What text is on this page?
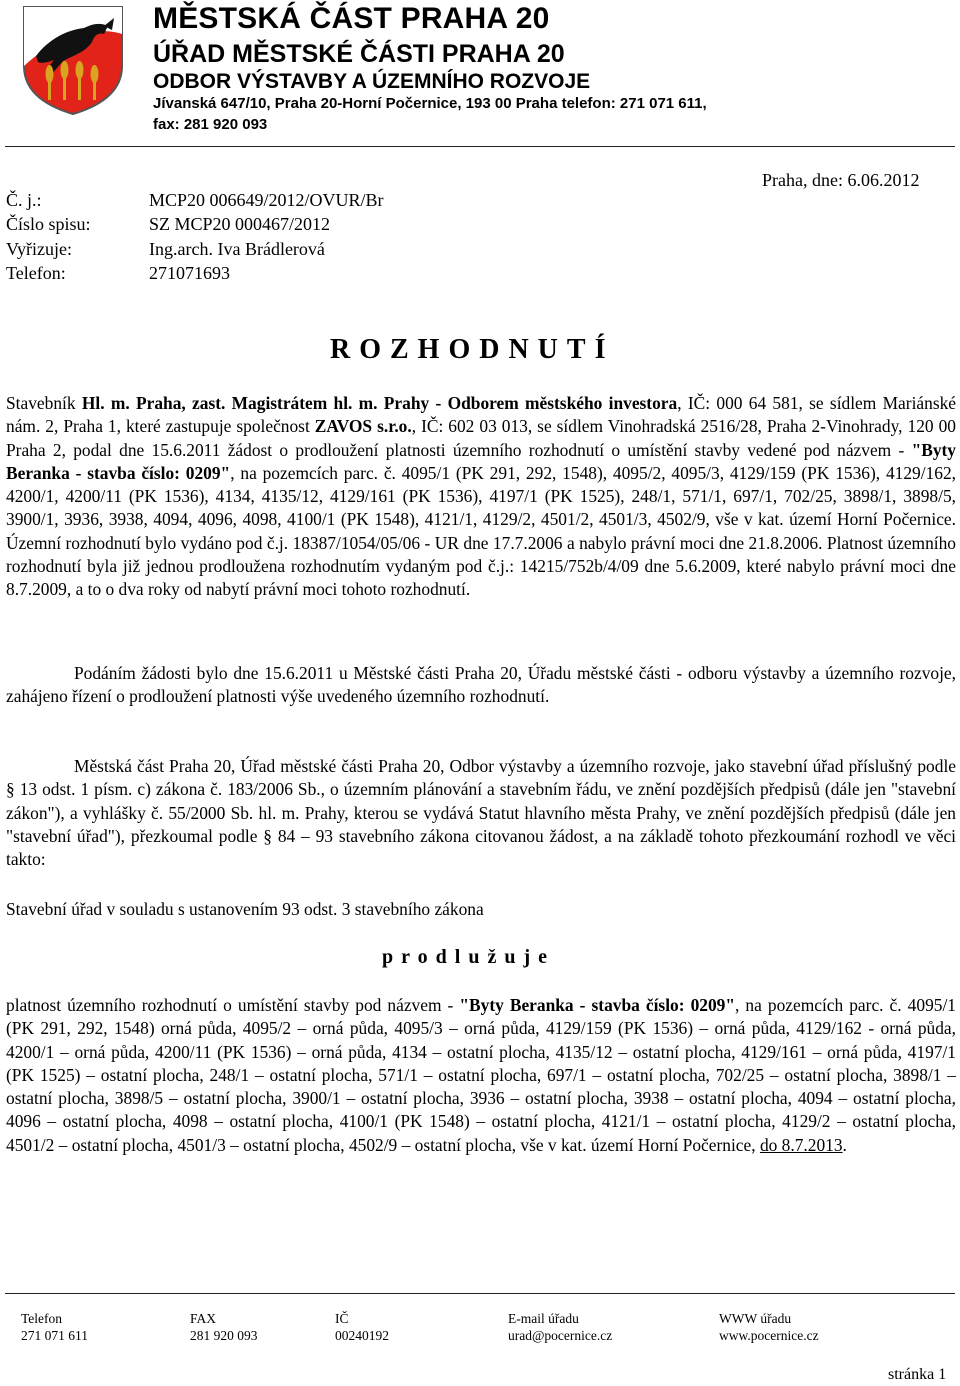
MĚSTSKÁ ČÁST PRAHA 20
ÚŘAD MĚSTSKÉ ČÁSTI PRAHA 20
ODBOR VÝSTAVBY A ÚZEMNÍHO ROZVOJE
Jívanská 647/10, Praha 20-Horní Počernice, 193 00 Praha telefon: 271 071 611,
fax: 281 920 093
Praha, dne: 6.06.2012
Č. j.:	MCP20 006649/2012/OVUR/Br
Číslo spisu:	SZ MCP20 000467/2012
Vyřizuje:	Ing.arch. Iva Brádlerová
Telefon:	271071693
ROZHODNUTÍ

Stavebník Hl. m. Praha, zast. Magistrátem hl. m. Prahy - Odborem městského investora, IČ: 000 64 581, se sídlem Mariánské nám. 2, Praha 1, které zastupuje společnost ZAVOS s.r.o., IČ: 602 03 013, se sídlem Vinohradská 2516/28, Praha 2-Vinohrady, 120 00 Praha 2, podal dne 15.6.2011 žádost o prodloužení platnosti územního rozhodnutí o umístění stavby vedené pod názvem - "Byty Beranka - stavba číslo: 0209", na pozemcích parc. č. 4095/1 (PK 291, 292, 1548), 4095/2, 4095/3, 4129/159 (PK 1536), 4129/162, 4200/1, 4200/11 (PK 1536), 4134, 4135/12, 4129/161 (PK 1536), 4197/1 (PK 1525), 248/1, 571/1, 697/1, 702/25, 3898/1, 3898/5, 3900/1, 3936, 3938, 4094, 4096, 4098, 4100/1 (PK 1548), 4121/1, 4129/2, 4501/2, 4501/3, 4502/9, vše v kat. území Horní Počernice. Územní rozhodnutí bylo vydáno pod č.j. 18387/1054/05/06 - UR dne 17.7.2006 a nabylo právní moci dne 21.8.2006. Platnost územního rozhodnutí byla již jednou prodloužena rozhodnutím vydaným pod č.j.: 14215/752b/4/09 dne 5.6.2009, které nabylo právní moci dne 8.7.2009, a to o dva roky od nabytí právní moci tohoto rozhodnutí.

Podáním žádosti bylo dne 15.6.2011 u Městské části Praha 20, Úřadu městské části - odboru výstavby a územního rozvoje, zahájeno řízení o prodloužení platnosti výše uvedeného územního rozhodnutí.

Městská část Praha 20, Úřad městské části Praha 20, Odbor výstavby a územního rozvoje, jako stavební úřad příslušný podle § 13 odst. 1 písm. c) zákona č. 183/2006 Sb., o územním plánování a stavebním řádu, ve znění pozdějších předpisů (dále jen "stavební zákon"), a vyhlášky č. 55/2000 Sb. hl. m. Prahy, kterou se vydává Statut hlavního města Prahy, ve znění pozdějších předpisů (dále jen "stavební úřad"), přezkoumal podle § 84 – 93 stavebního zákona citovanou žádost, a na základě tohoto přezkoumání rozhodl ve věci takto:

Stavební úřad v souladu s ustanovením 93 odst. 3 stavebního zákona

prodlužuje

platnost územního rozhodnutí o umístění stavby pod názvem - "Byty Beranka - stavba číslo: 0209", na pozemcích parc. č. 4095/1 (PK 291, 292, 1548) orná půda, 4095/2 – orná půda, 4095/3 – orná půda, 4129/159 (PK 1536) – orná půda, 4129/162 - orná půda, 4200/1 – orná půda, 4200/11 (PK 1536) – orná půda, 4134 – ostatní plocha, 4135/12 – ostatní plocha, 4129/161 – orná půda, 4197/1 (PK 1525) – ostatní plocha, 248/1 – ostatní plocha, 571/1 – ostatní plocha, 697/1 – ostatní plocha, 702/25 – ostatní plocha, 3898/1 – ostatní plocha, 3898/5 – ostatní plocha, 3900/1 – ostatní plocha, 3936 – ostatní plocha, 3938 – ostatní plocha, 4094 – ostatní plocha, 4096 – ostatní plocha, 4098 – ostatní plocha, 4100/1 (PK 1548) – ostatní plocha, 4121/1 – ostatní plocha, 4129/2 – ostatní plocha, 4501/2 – ostatní plocha, 4501/3 – ostatní plocha, 4502/9 – ostatní plocha, vše v kat. území Horní Počernice, do 8.7.2013.

Telefon
271 071 611
FAX
281 920 093
IČ
00240192
E-mail úřadu
urad@pocernice.cz
WWW úřadu
www.pocernice.cz
stránka 1
